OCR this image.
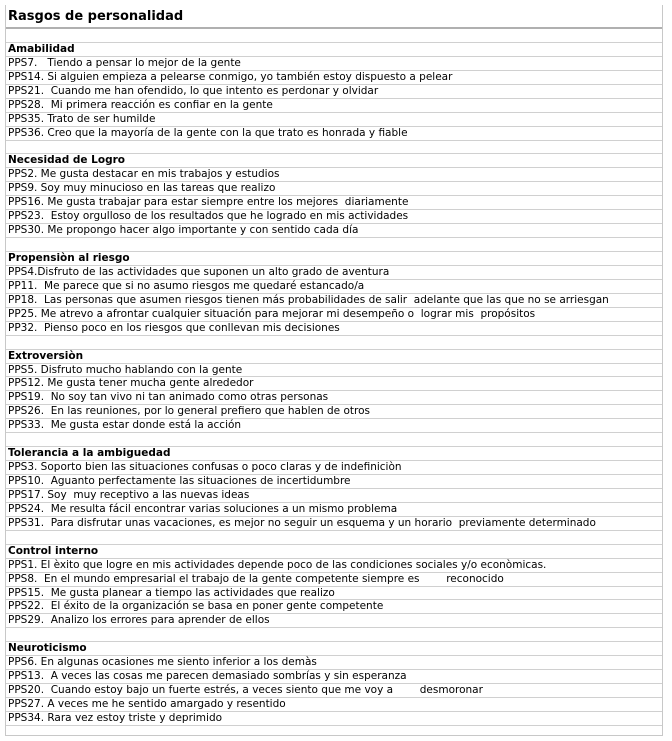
Rasgos de personalidad
Amabilidad
PPS7.   Tiendo a pensar lo mejor de la gente
PPS14. Si alguien empieza a pelearse conmigo, yo también estoy dispuesto a pelear
PPS21.  Cuando me han ofendido, lo que intento es perdonar y olvidar
PPS28.  Mi primera reacción es confiar en la gente
PPS35. Trato de ser humilde
PPS36. Creo que la mayoría de la gente con la que trato es honrada y fiable
Necesidad de Logro
PPS2. Me gusta destacar en mis trabajos y estudios
PPS9. Soy muy minucioso en las tareas que realizo
PPS16. Me gusta trabajar para estar siempre entre los mejores  diariamente
PPS23.  Estoy orgulloso de los resultados que he logrado en mis actividades
PPS30. Me propongo hacer algo importante y con sentido cada día
Propensiòn al riesgo
PPS4.Disfruto de las actividades que suponen un alto grado de aventura
PP11.  Me parece que si no asumo riesgos me quedaré estancado/a
PP18.  Las personas que asumen riesgos tienen más probabilidades de salir  adelante que las que no se arriesgan
PP25. Me atrevo a afrontar cualquier situación para mejorar mi desempeño o  lograr mis  propósitos
PP32.  Pienso poco en los riesgos que conllevan mis decisiones
Extroversiòn
PPS5. Disfruto mucho hablando con la gente
PPS12. Me gusta tener mucha gente alrededor
PPS19.  No soy tan vivo ni tan animado como otras personas
PPS26.  En las reuniones, por lo general prefiero que hablen de otros
PPS33.  Me gusta estar donde está la acción
Tolerancia a la ambiguedad
PPS3. Soporto bien las situaciones confusas o poco claras y de indefiniciòn
PPS10.  Aguanto perfectamente las situaciones de incertidumbre
PPS17. Soy  muy receptivo a las nuevas ideas
PPS24.  Me resulta fácil encontrar varias soluciones a un mismo problema
PPS31.  Para disfrutar unas vacaciones, es mejor no seguir un esquema y un horario  previamente determinado
Control interno
PPS1. El èxito que logre en mis actividades depende poco de las condiciones sociales y/o econòmicas.
PPS8.  En el mundo empresarial el trabajo de la gente competente siempre es        reconocido
PPS15.  Me gusta planear a tiempo las actividades que realizo
PPS22.  El éxito de la organización se basa en poner gente competente
PPS29.  Analizo los errores para aprender de ellos
Neuroticismo
PPS6. En algunas ocasiones me siento inferior a los demàs
PPS13.  A veces las cosas me parecen demasiado sombrías y sin esperanza
PPS20.  Cuando estoy bajo un fuerte estrés, a veces siento que me voy a        desmoronar
PPS27. A veces me he sentido amargado y resentido
PPS34. Rara vez estoy triste y deprimido
